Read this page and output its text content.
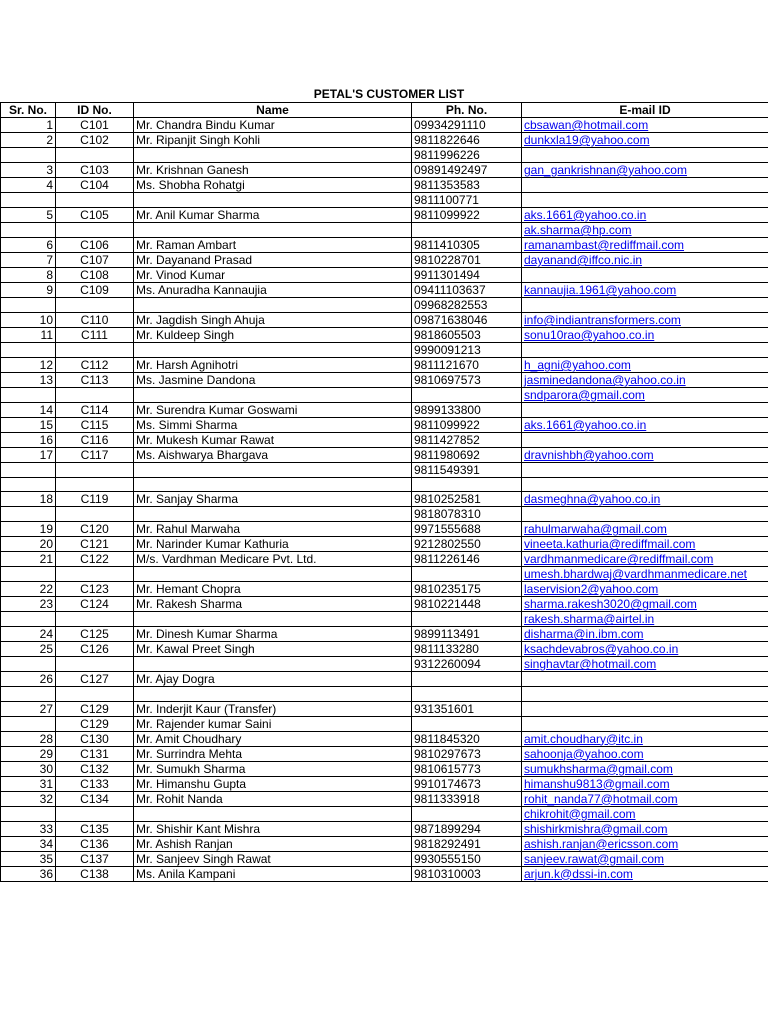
PETAL'S CUSTOMER LIST
Sr. No.	ID No.	Name	Ph. No.	E-mail ID
1	C101	Mr. Chandra Bindu Kumar	09934291110	cbsawan@hotmail.com
2	C102	Mr. Ripanjit Singh Kohli	9811822646	dunkxla19@yahoo.com
			9811996226	
3	C103	Mr. Krishnan Ganesh	09891492497	gan_gankrishnan@yahoo.com
4	C104	Ms. Shobha Rohatgi	9811353583	
			9811100771	
5	C105	Mr. Anil Kumar Sharma	9811099922	aks.1661@yahoo.co.in
				ak.sharma@hp.com
6	C106	Mr. Raman Ambart	9811410305	ramanambast@rediffmail.com
7	C107	Mr. Dayanand Prasad	9810228701	dayanand@iffco.nic.in
8	C108	Mr. Vinod Kumar	9911301494	
9	C109	Ms. Anuradha Kannaujia	09411103637	kannaujia.1961@yahoo.com
			09968282553	
10	C110	Mr. Jagdish Singh Ahuja	09871638046	info@indiantransformers.com
11	C111	Mr. Kuldeep Singh	9818605503	sonu10rao@yahoo.co.in
			9990091213	
12	C112	Mr. Harsh Agnihotri	9811121670	h_agni@yahoo.com
13	C113	Ms. Jasmine Dandona	9810697573	jasminedandona@yahoo.co.in
				sndparora@gmail.com
14	C114	Mr. Surendra Kumar Goswami	9899133800	
15	C115	Ms. Simmi Sharma	9811099922	aks.1661@yahoo.co.in
16	C116	Mr. Mukesh Kumar Rawat	9811427852	
17	C117	Ms. Aishwarya Bhargava	9811980692	dravnishbh@yahoo.com
			9811549391	

18	C119	Mr. Sanjay Sharma	9810252581	dasmeghna@yahoo.co.in
			9818078310	
19	C120	Mr. Rahul Marwaha	9971555688	rahulmarwaha@gmail.com
20	C121	Mr. Narinder Kumar Kathuria	9212802550	vineeta.kathuria@rediffmail.com
21	C122	M/s. Vardhman Medicare Pvt. Ltd.	9811226146	vardhmanmedicare@rediffmail.com
				umesh.bhardwaj@vardhmanmedicare.net
22	C123	Mr. Hemant Chopra	9810235175	laservision2@yahoo.com
23	C124	Mr. Rakesh Sharma	9810221448	sharma.rakesh3020@gmail.com
				rakesh.sharma@airtel.in
24	C125	Mr. Dinesh Kumar Sharma	9899113491	disharma@in.ibm.com
25	C126	Mr. Kawal Preet Singh	9811133280	ksachdevabros@yahoo.co.in
			9312260094	singhavtar@hotmail.com
26	C127	Mr. Ajay Dogra		

27	C129	Mr. Inderjit Kaur (Transfer)	931351601	
	C129	Mr. Rajender kumar Saini		
28	C130	Mr. Amit Choudhary	9811845320	amit.choudhary@itc.in
29	C131	Mr. Surrindra Mehta	9810297673	sahoonja@yahoo.com
30	C132	Mr. Sumukh Sharma	9810615773	sumukhsharma@gmail.com
31	C133	Mr. Himanshu Gupta	9910174673	himanshu9813@gmail.com
32	C134	Mr. Rohit Nanda	9811333918	rohit_nanda77@hotmail.com
				chikrohit@gmail.com
33	C135	Mr. Shishir Kant Mishra	9871899294	shishirkmishra@gmail.com
34	C136	Mr. Ashish Ranjan	9818292491	ashish.ranjan@ericsson.com
35	C137	Mr. Sanjeev Singh Rawat	9930555150	sanjeev.rawat@gmail.com
36	C138	Ms. Anila Kampani	9810310003	arjun.k@dssi-in.com
